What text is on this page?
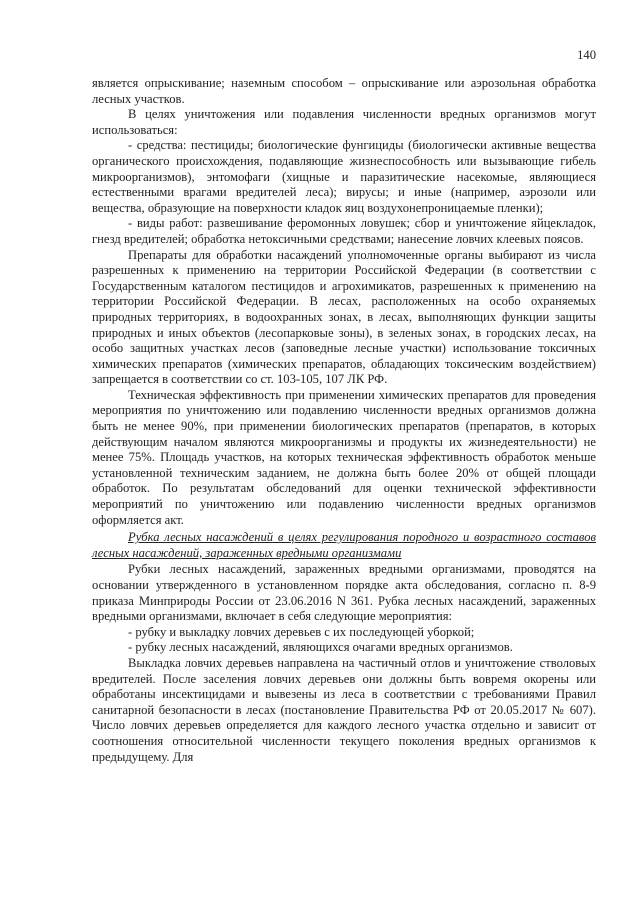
140

является опрыскивание; наземным способом – опрыскивание или аэрозольная обработка лесных участков.

В целях уничтожения или подавления численности вредных организмов могут использоваться:

- средства: пестициды; биологические фунгициды (биологически активные вещества органического происхождения, подавляющие жизнеспособность или вызывающие гибель микроорганизмов), энтомофаги (хищные и паразитические насекомые, являющиеся естественными врагами вредителей леса); вирусы; и иные (например, аэрозоли или вещества, образующие на поверхности кладок яиц воздухонепроницаемые пленки);

- виды работ: развешивание феромонных ловушек; сбор и уничтожение яйцекладок, гнезд вредителей; обработка нетоксичными средствами; нанесение ловчих клеевых поясов.

Препараты для обработки насаждений уполномоченные органы выбирают из числа разрешенных к применению на территории Российской Федерации (в соответствии с Государственным каталогом пестицидов и агрохимикатов, разрешенных к применению на территории Российской Федерации. В лесах, расположенных на особо охраняемых природных территориях, в водоохранных зонах, в лесах, выполняющих функции защиты природных и иных объектов (лесопарковые зоны), в зеленых зонах, в городских лесах, на особо защитных участках лесов (заповедные лесные участки) использование токсичных химических препаратов (химических препаратов, обладающих токсическим воздействием) запрещается в соответствии со ст. 103-105, 107 ЛК РФ.

Техническая эффективность при применении химических препаратов для проведения мероприятия по уничтожению или подавлению численности вредных организмов должна быть не менее 90%, при применении биологических препаратов (препаратов, в которых действующим началом являются микроорганизмы и продукты их жизнедеятельности) не менее 75%. Площадь участков, на которых техническая эффективность обработок меньше установленной техническим заданием, не должна быть более 20% от общей площади обработок. По результатам обследований для оценки технической эффективности мероприятий по уничтожению или подавлению численности вредных организмов оформляется акт.

Рубка лесных насаждений в целях регулирования породного и возрастного составов лесных насаждений, зараженных вредными организмами

Рубки лесных насаждений, зараженных вредными организмами, проводятся на основании утвержденного в установленном порядке акта обследования, согласно п. 8-9 приказа Минприроды России от 23.06.2016 N 361. Рубка лесных насаждений, зараженных вредными организмами, включает в себя следующие мероприятия:

- рубку и выкладку ловчих деревьев с их последующей уборкой;

- рубку лесных насаждений, являющихся очагами вредных организмов.

Выкладка ловчих деревьев направлена на частичный отлов и уничтожение стволовых вредителей. После заселения ловчих деревьев они должны быть вовремя окорены или обработаны инсектицидами и вывезены из леса в соответствии с требованиями Правил санитарной безопасности в лесах (постановление Правительства РФ от 20.05.2017 № 607). Число ловчих деревьев определяется для каждого лесного участка отдельно и зависит от соотношения относительной численности текущего поколения вредных организмов к предыдущему. Для
